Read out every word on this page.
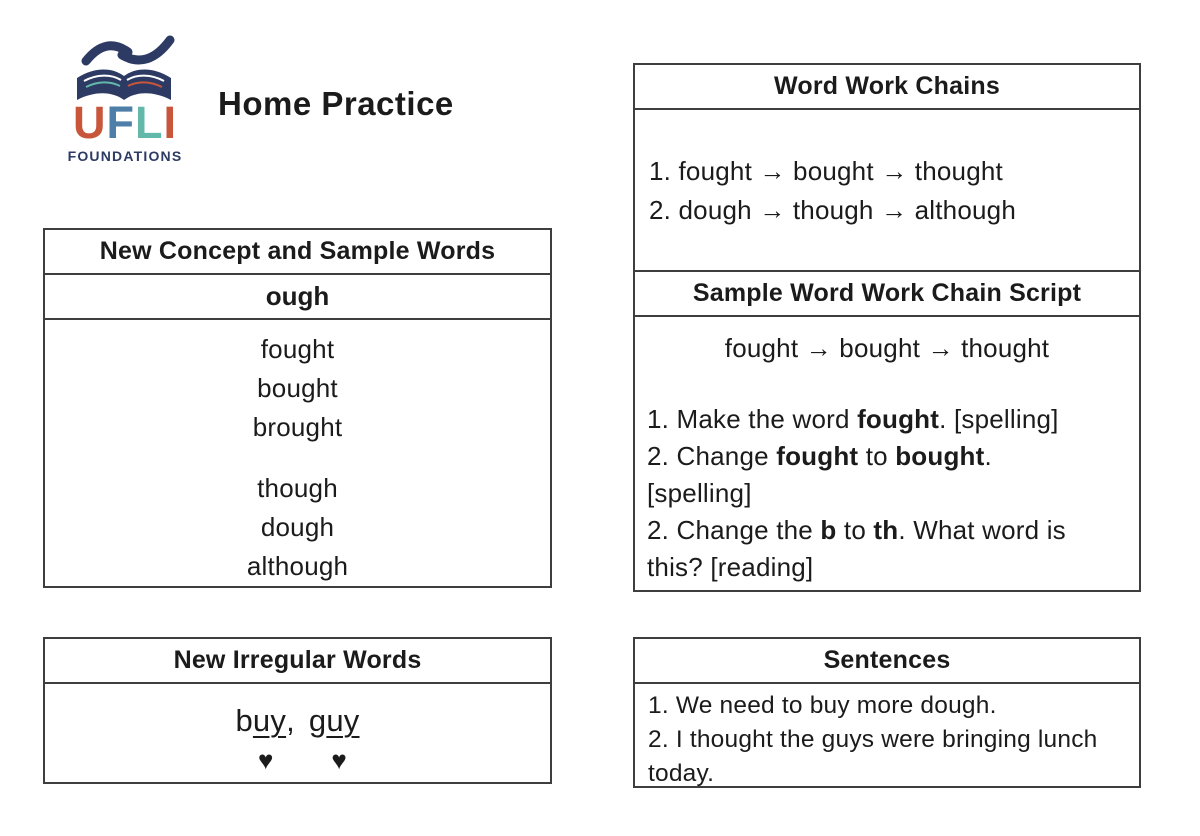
UFLI
FOUNDATIONS
Home Practice
New Concept and Sample Words
ough
fought
bought
brought
though
dough
although
New Irregular Words
buy
♥
, guy
♥
Word Work Chains
1. fought → bought → thought
2. dough → though → although
Sample Word Work Chain Script
fought → bought → thought
1. Make the word fought. [spelling]
2. Change fought to bought.
[spelling]
2. Change the b to th. What word is this? [reading]
Sentences
1. We need to buy more dough.
2. I thought the guys were bringing lunch today.
